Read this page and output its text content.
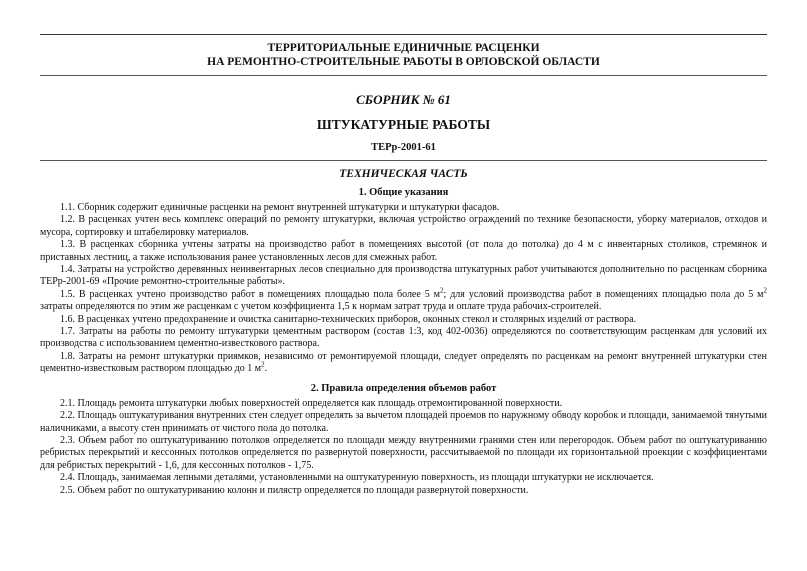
ТЕРРИТОРИАЛЬНЫЕ ЕДИНИЧНЫЕ РАСЦЕНКИ
НА РЕМОНТНО-СТРОИТЕЛЬНЫЕ РАБОТЫ В ОРЛОВСКОЙ ОБЛАСТИ
СБОРНИК № 61
ШТУКАТУРНЫЕ РАБОТЫ
ТЕРр-2001-61
ТЕХНИЧЕСКАЯ ЧАСТЬ
1. Общие указания

1.1. Сборник содержит единичные расценки на ремонт внутренней штукатурки и штукатурки фасадов.

1.2. В расценках учтен весь комплекс операций по ремонту штукатурки, включая устройство ограждений по технике безопасности, уборку материалов, отходов и мусора, сортировку и штабелировку материалов.

1.3. В расценках сборника учтены затраты на производство работ в помещениях высотой (от пола до потолка) до 4 м с инвентарных столиков, стремянок и приставных лестниц, а также использования ранее установленных лесов для смежных работ.

1.4. Затраты на устройство деревянных неинвентарных лесов специально для производства штукатурных работ учитываются дополнительно по расценкам сборника ТЕРр-2001-69 «Прочие ремонтно-строительные работы».

1.5. В расценках учтено производство работ в помещениях площадью пола более 5 $м^2$; для условий производства работ в помещениях площадью пола до 5 $м^2$ затраты определяются по этим же расценкам с учетом коэффициента 1,5 к нормам затрат труда и оплате труда рабочих-строителей.

1.6. В расценках учтено предохранение и очистка санитарно-технических приборов, оконных стекол и столярных изделий от раствора.

1.7. Затраты на работы по ремонту штукатурки цементным раствором (состав 1:3, код 402-0036) определяются по соответствующим расценкам для условий их производства с использованием цементно-известкового раствора.

1.8. Затраты на ремонт штукатурки приямков, независимо от ремонтируемой площади, следует определять по расценкам на ремонт внутренней штукатурки стен цементно-известковым раствором площадью до 1 $м^2$.

2. Правила определения объемов работ

2.1. Площадь ремонта штукатурки любых поверхностей определяется как площадь отремонтированной поверхности.

2.2. Площадь оштукатуривания внутренних стен следует определять за вычетом площадей проемов по наружному обводу коробок и площади, занимаемой тянутыми наличниками, а высоту стен принимать от чистого пола до потолка.

2.3. Объем работ по оштукатуриванию потолков определяется по площади между внутренними гранями стен или перегородок. Объем работ по оштукатуриванию ребристых перекрытий и кессонных потолков определяется по развернутой поверхности, рассчитываемой по площади их горизонтальной проекции с коэффициентами для ребристых перекрытий - 1,6, для кессонных потолков - 1,75.

2.4. Площадь, занимаемая лепными деталями, установленными на оштукатуренную поверхность, из площади штукатурки не исключается.

2.5. Объем работ по оштукатуриванию колонн и пилястр определяется по площади развернутой поверхности.
